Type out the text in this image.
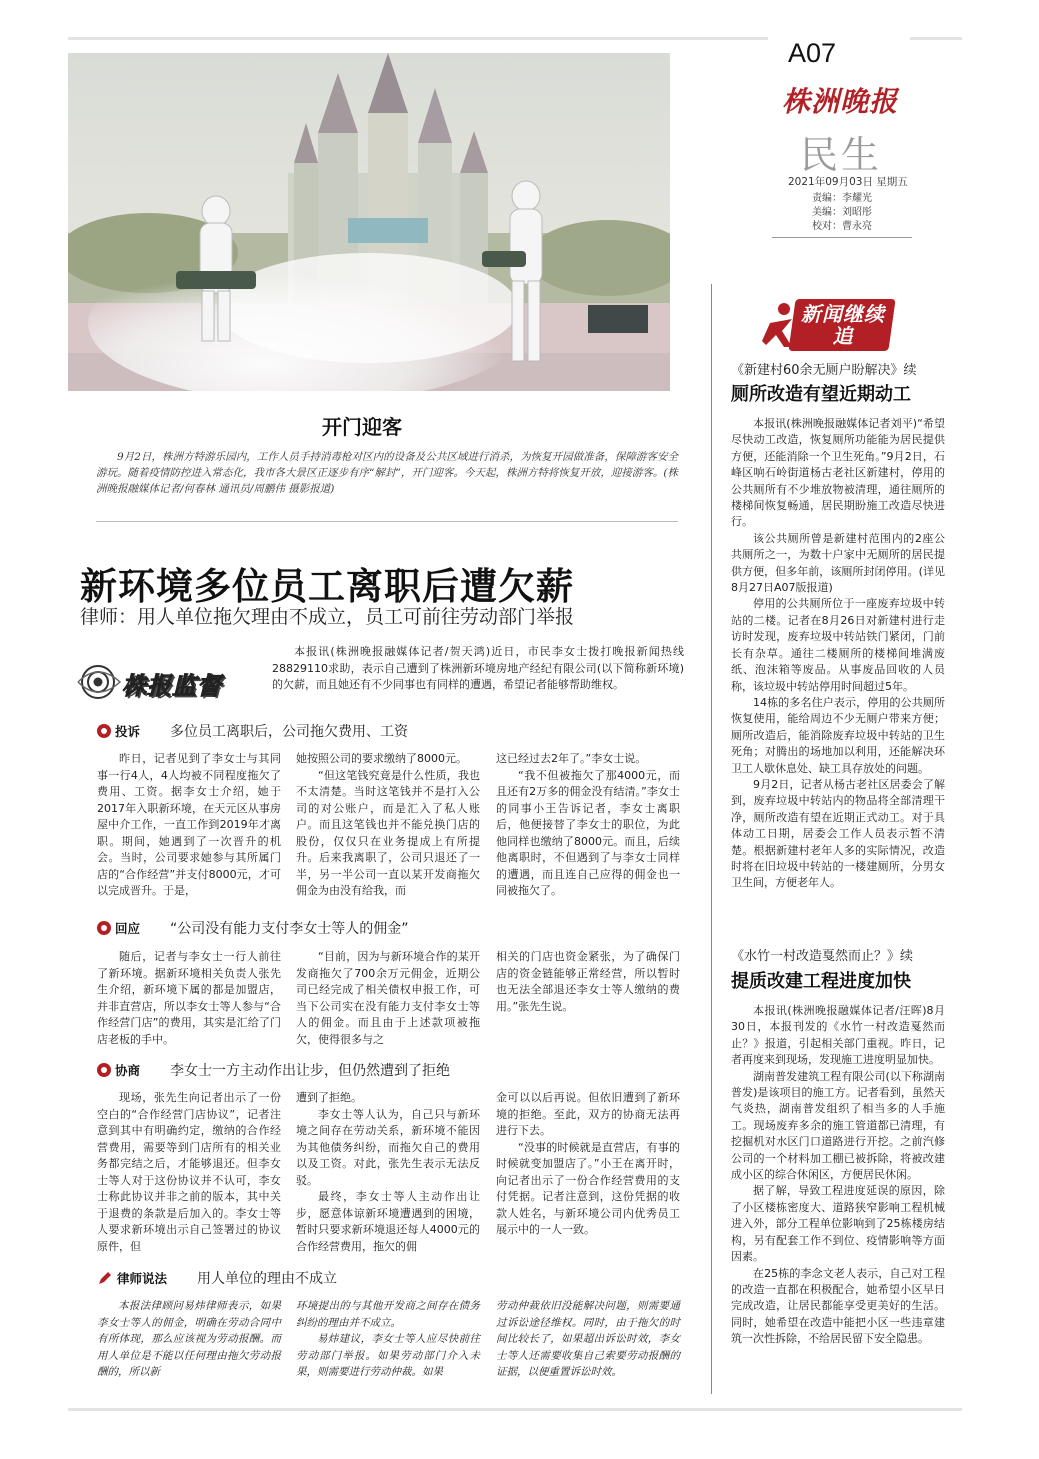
A07
株洲晚报
民生
2021年09月03日 星期五
责编：李耀光
美编：刘昭彤
校对：曹永亮
开门迎客
9月2日，株洲方特游乐园内，工作人员手持消毒枪对区内的设备及公共区域进行消杀，为恢复开园做准备，保障游客安全游玩。随着疫情防控进入常态化，我市各大景区正逐步有序“解封”，开门迎客。今天起，株洲方特将恢复开放，迎接游客。(株洲晚报融媒体记者/何春林 通讯员/周鹏伟 摄影报道)
新环境多位员工离职后遭欠薪
律师：用人单位拖欠理由不成立，员工可前往劳动部门举报
株报监督

本报讯(株洲晚报融媒体记者/贺天鸿)近日，市民李女士拨打晚报新闻热线28829110求助，表示自己遭到了株洲新环境房地产经纪有限公司(以下简称新环境)的欠薪，而且她还有不少同事也有同样的遭遇，希望记者能够帮助维权。

投诉 多位员工离职后，公司拖欠费用、工资

昨日，记者见到了李女士与其同事一行4人，4人均被不同程度拖欠了费用、工资。据李女士介绍，她于2017年入职新环境，在天元区从事房屋中介工作，一直工作到2019年才离职。期间，她遇到了一次晋升的机会。当时，公司要求她参与其所属门店的“合作经营”并支付8000元，才可以完成晋升。于是，

她按照公司的要求缴纳了8000元。

“但这笔钱究竟是什么性质，我也不太清楚。当时这笔钱并不是打入公司的对公账户，而是汇入了私人账户。而且这笔钱也并不能兑换门店的股份，仅仅只在业务提成上有所提升。后来我离职了，公司只退还了一半，另一半公司一直以某开发商拖欠佣金为由没有给我，而

这已经过去2年了。”李女士说。

“我不但被拖欠了那4000元，而且还有2万多的佣金没有结清。”李女士的同事小王告诉记者，李女士离职后，他便接替了李女士的职位，为此他同样也缴纳了8000元。而且，后续他离职时，不但遇到了与李女士同样的遭遇，而且连自己应得的佣金也一同被拖欠了。

回应 “公司没有能力支付李女士等人的佣金”

随后，记者与李女士一行人前往了新环境。据新环境相关负责人张先生介绍，新环境下属的都是加盟店，并非直营店，所以李女士等人参与“合作经营门店”的费用，其实是汇给了门店老板的手中。

“目前，因为与新环境合作的某开发商拖欠了700余万元佣金，近期公司已经完成了相关债权申报工作，可当下公司实在没有能力支付李女士等人的佣金。而且由于上述款项被拖欠，使得很多与之

相关的门店也资金紧张，为了确保门店的资金链能够正常经营，所以暂时也无法全部退还李女士等人缴纳的费用。”张先生说。

协商 李女士一方主动作出让步，但仍然遭到了拒绝

现场，张先生向记者出示了一份空白的“合作经营门店协议”，记者注意到其中有明确约定，缴纳的合作经营费用，需要等到门店所有的相关业务都完结之后，才能够退还。但李女士等人对于这份协议并不认可，李女士称此协议并非之前的版本，其中关于退费的条款是后加入的。李女士等人要求新环境出示自己签署过的协议原件，但

遭到了拒绝。

李女士等人认为，自己只与新环境之间存在劳动关系，新环境不能因为其他债务纠纷，而拖欠自己的费用以及工资。对此，张先生表示无法反驳。

最终，李女士等人主动作出让步，愿意体谅新环境遭遇到的困境，暂时只要求新环境退还每人4000元的合作经营费用，拖欠的佣

金可以以后再说。但依旧遭到了新环境的拒绝。至此，双方的协商无法再进行下去。

“没事的时候就是直营店，有事的时候就变加盟店了。”小王在离开时，向记者出示了一份合作经营费用的支付凭据。记者注意到，这份凭据的收款人姓名，与新环境公司内优秀员工展示中的一人一致。

律师说法 用人单位的理由不成立

本报法律顾问易炜律师表示，如果李女士等人的佣金，明确在劳动合同中有所体现，那么应该视为劳动报酬。而用人单位是不能以任何理由拖欠劳动报酬的，所以新

环境提出的与其他开发商之间存在债务纠纷的理由并不成立。

易炜建议，李女士等人应尽快前往劳动部门举报。如果劳动部门介入未果，则需要进行劳动仲裁。如果

劳动仲裁依旧没能解决问题，则需要通过诉讼途径维权。同时，由于拖欠的时间比较长了，如果超出诉讼时效，李女士等人还需要收集自己索要劳动报酬的证据，以便重置诉讼时效。

新闻继续追
《新建村60余无厕户盼解决》续
厕所改造有望近期动工

本报讯(株洲晚报融媒体记者刘平)“希望尽快动工改造，恢复厕所功能能为居民提供方便，还能消除一个卫生死角。”9月2日，石峰区响石岭街道杨古老社区新建村，停用的公共厕所有不少堆放物被清理，通往厕所的楼梯间恢复畅通，居民期盼施工改造尽快进行。

该公共厕所曾是新建村范围内的2座公共厕所之一，为数十户家中无厕所的居民提供方便，但多年前，该厕所封闭停用。(详见8月27日A07版报道)

停用的公共厕所位于一座废弃垃圾中转站的二楼。记者在8月26日对新建村进行走访时发现，废弃垃圾中转站铁门紧闭，门前长有杂草。通往二楼厕所的楼梯间堆满废纸、泡沫箱等废品。从事废品回收的人员称，该垃圾中转站停用时间超过5年。

14栋的多名住户表示，停用的公共厕所恢复使用，能给周边不少无厕户带来方便；厕所改造后，能消除废弃垃圾中转站的卫生死角；对腾出的场地加以利用，还能解决环卫工人歇休息处、缺工具存放处的问题。

9月2日，记者从杨古老社区居委会了解到，废弃垃圾中转站内的物品将全部清理干净，厕所改造有望在近期正式动工。对于具体动工日期，居委会工作人员表示暂不清楚。根据新建村老年人多的实际情况，改造时将在旧垃圾中转站的一楼建厕所，分男女卫生间，方便老年人。

《水竹一村改造戛然而止？》续
提质改建工程进度加快

本报讯(株洲晚报融媒体记者/汪晖)8月30日，本报刊发的《水竹一村改造戛然而止？》报道，引起相关部门重视。昨日，记者再度来到现场，发现施工进度明显加快。

湖南普发建筑工程有限公司(以下称湖南普发)是该项目的施工方。记者看到，虽然天气炎热，湖南普发组织了相当多的人手施工。现场废弃多余的施工管道都已清理，有挖掘机对水区门口道路进行开挖。之前汽修公司的一个材料加工棚已被拆除，将被改建成小区的综合休闲区，方便居民休闲。

据了解，导致工程进度延误的原因，除了小区楼栋密度大、道路狭窄影响工程机械进入外，部分工程单位影响到了25栋楼房结构，另有配套工作不到位、疫情影响等方面因素。

在25栋的李念文老人表示，自己对工程的改造一直都在积极配合，她希望小区早日完成改造，让居民都能享受更美好的生活。同时，她希望在改造中能把小区一些违章建筑一次性拆除，不给居民留下安全隐患。
